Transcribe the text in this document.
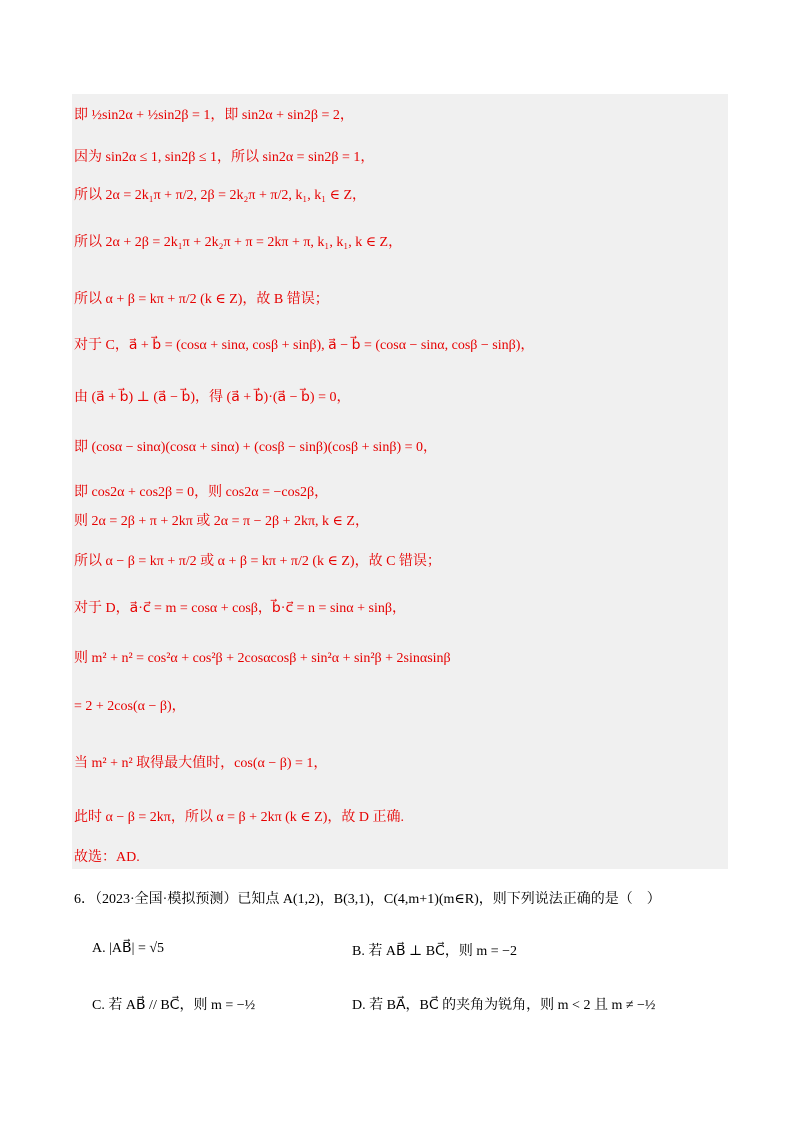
即 ½sin2α + ½sin2β = 1，即 sin2α + sin2β = 2，
因为 sin2α ≤ 1, sin2β ≤ 1，所以 sin2α = sin2β = 1，
所以 2α = 2k₁π + π/2, 2β = 2k₂π + π/2, k₁, k₁ ∈ Z，
所以 2α + 2β = 2k₁π + 2k₂π + π = 2kπ + π, k₁, k₁, k ∈ Z，
所以 α + β = kπ + π/2 (k ∈ Z)，故 B 错误；
对于 C，a⃗ + b⃗ = (cosα + sinα, cosβ + sinβ), a⃗ − b⃗ = (cosα − sinα, cosβ − sinβ)，
由 (a⃗ + b⃗) ⊥ (a⃗ − b⃗)，得 (a⃗ + b⃗)·(a⃗ − b⃗) = 0，
即 (cosα − sinα)(cosα + sinα) + (cosβ − sinβ)(cosβ + sinβ) = 0，
即 cos2α + cos2β = 0，则 cos2α = −cos2β，
则 2α = 2β + π + 2kπ 或 2α = π − 2β + 2kπ, k ∈ Z，
所以 α − β = kπ + π/2 或 α + β = kπ + π/2 (k ∈ Z)，故 C 错误；
对于 D，a⃗·c⃗ = m = cosα + cosβ，b⃗·c⃗ = n = sinα + sinβ，
则 m² + n² = cos²α + cos²β + 2cosαcosβ + sin²α + sin²β + 2sinαsinβ
= 2 + 2cos(α − β)，
当 m² + n² 取得最大值时，cos(α − β) = 1，
此时 α − β = 2kπ，所以 α = β + 2kπ (k ∈ Z)，故 D 正确.
故选：AD.
6．（2023·全国·模拟预测）已知点 A(1,2)，B(3,1)，C(4,m+1)(m∈R)，则下列说法正确的是（　）
A. |AB⃗| = √5	B. 若 AB⃗ ⊥ BC⃗，则 m = −2
C. 若 AB⃗ // BC⃗，则 m = −½	D. 若 BA⃗，BC⃗ 的夹角为锐角，则 m < 2 且 m ≠ −½
